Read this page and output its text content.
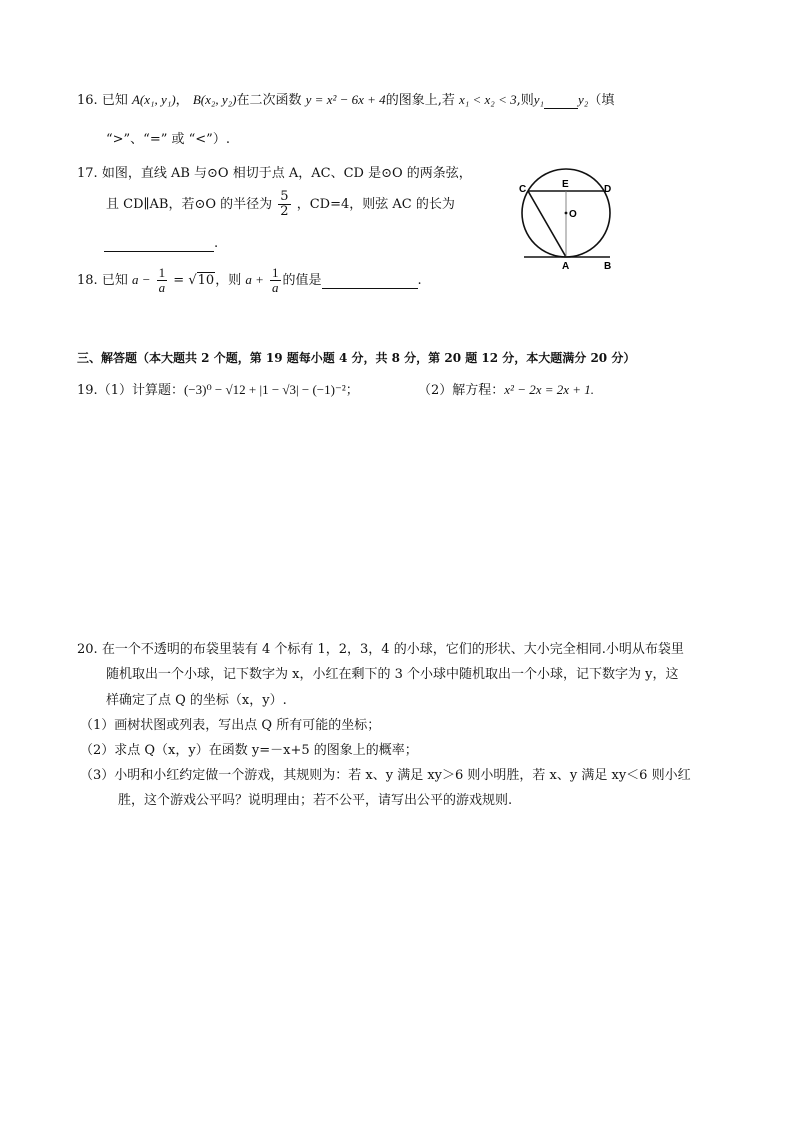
16. 已知 A(x₁, y₁)， B(x₂, y₂)在二次函数 y = x² − 6x + 4的图象上,若 x₁ < x₂ < 3,则y₁	y₂（填
“>”、“=” 或 “<”）.
17. 如图，直线 AB 与⊙O 相切于点 A，AC、CD 是⊙O 的两条弦，
且 CD∥AB，若⊙O 的半径为 $\frac{5}{2}$ ，CD=4，则弦 AC 的长为
.
C	E	D
O
A	B
18. 已知 $a - \frac{1}{a} = √10$，则 $a + \frac{1}{a}$ 的值是	.
三、解答题（本大题共 2 个题，第 19 题每小题 4 分，共 8 分，第 20 题 12 分，本大题满分 20 分）
19.（1）计算题：(−3)⁰ − √12 + |1 − √3| − (−1)⁻²；	（2）解方程：x² − 2x = 2x + 1.
20. 在一个不透明的布袋里装有 4 个标有 1，2，3，4 的小球，它们的形状、大小完全相同.小明从布袋里
随机取出一个小球，记下数字为 x，小红在剩下的 3 个小球中随机取出一个小球，记下数字为 y，这
样确定了点 Q 的坐标（x，y）.
（1）画树状图或列表，写出点 Q 所有可能的坐标；
（2）求点 Q（x，y）在函数 y=－x+5 的图象上的概率；
（3）小明和小红约定做一个游戏，其规则为：若 x、y 满足 xy＞6 则小明胜，若 x、y 满足 xy＜6 则小红
胜，这个游戏公平吗？说明理由；若不公平，请写出公平的游戏规则.
